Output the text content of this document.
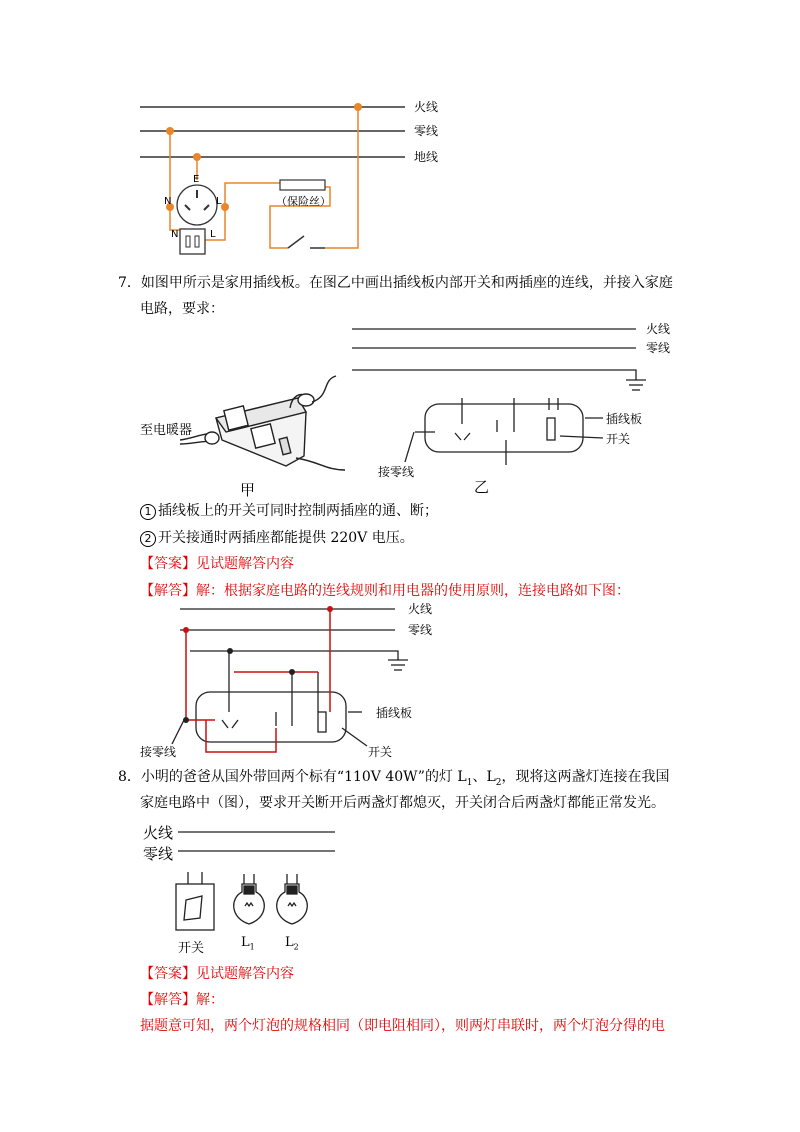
火线
零线
地线
（保险丝）
E
N	L
N	L
7．如图甲所示是家用插线板。在图乙中画出插线板内部开关和两插座的连线，并接入家庭
电路，要求：
至电暖器
甲
火线
零线
插线板
开关
接零线
乙
1 插线板上的开关可同时控制两插座的通、断；
2 开关接通时两插座都能提供 220V 电压。
【答案】见试题解答内容
【解答】解：根据家庭电路的连线规则和用电器的使用原则，连接电路如下图：
火线
零线
插线板
开关
接零线
8．小明的爸爸从国外带回两个标有“110V 40W”的灯 $L_1$、$L_2$，现将这两盏灯连接在我国
家庭电路中（图），要求开关断开后两盏灯都熄灭，开关闭合后两盏灯都能正常发光。
火线
零线
开关	$L_1$ $L_2$
【答案】见试题解答内容
【解答】解：
据题意可知，两个灯泡的规格相同（即电阻相同），则两灯串联时，两个灯泡分得的电
